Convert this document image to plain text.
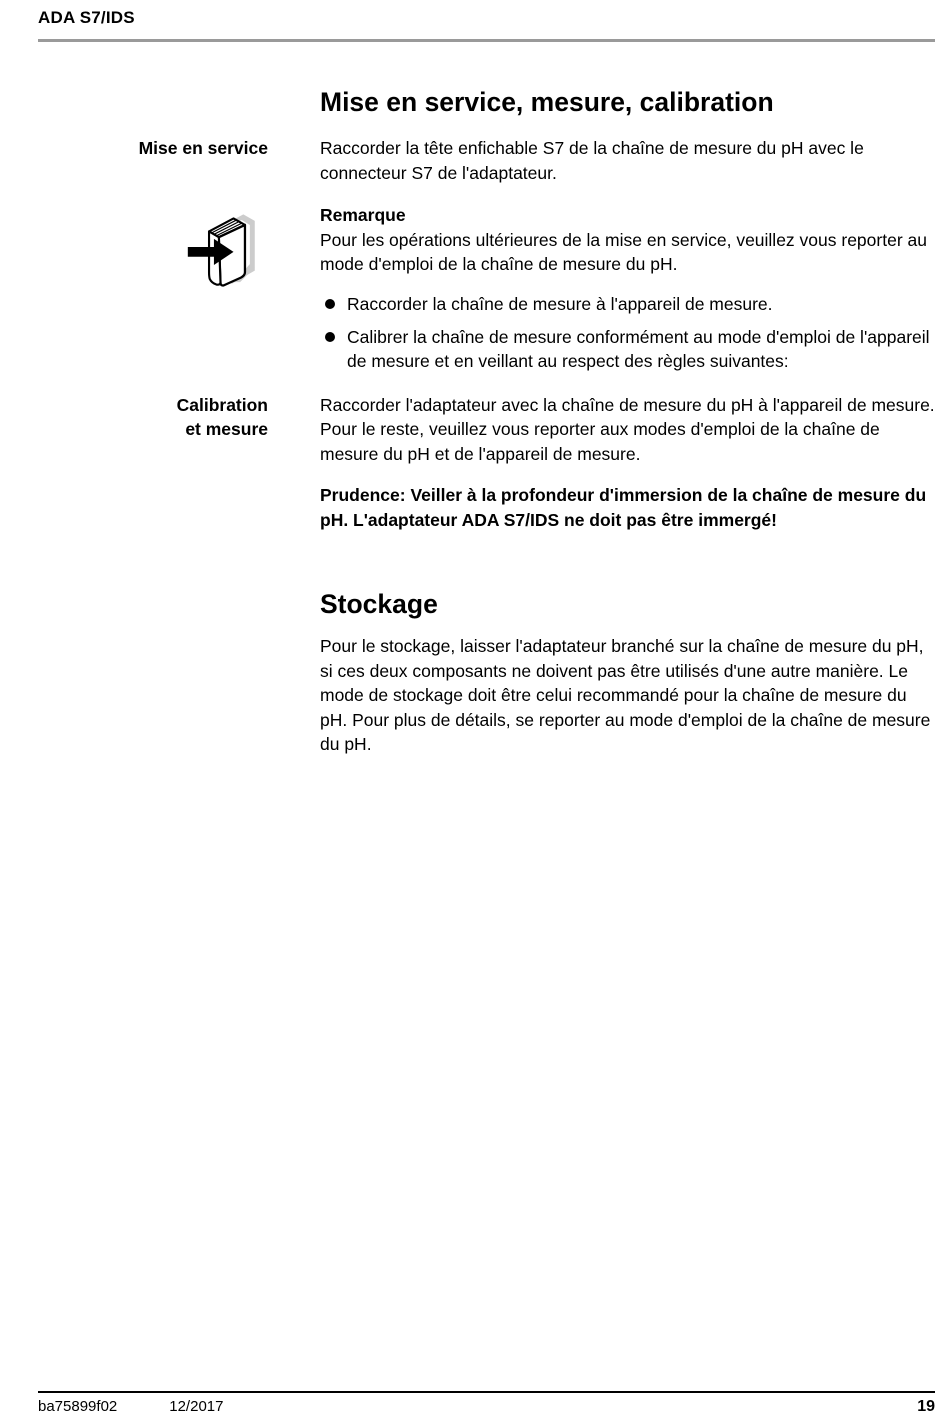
ADA S7/IDS
Mise en service, mesure, calibration
Mise en service	Raccorder la tête enfichable S7 de la chaîne de mesure du pH avec le connecteur S7 de l'adaptateur.

Remarque

Pour les opérations ultérieures de la mise en service, veuillez vous reporter au mode d'emploi de la chaîne de mesure du pH.

Raccorder la chaîne de mesure à l'appareil de mesure.
Calibrer la chaîne de mesure conformément au mode d'emploi de l'appareil de mesure et en veillant au respect des règles suivantes:
Calibration
et mesure

Raccorder l'adaptateur avec la chaîne de mesure du pH à l'appareil de mesure. Pour le reste, veuillez vous reporter aux modes d'emploi de la chaîne de mesure du pH et de l'appareil de mesure.

Prudence: Veiller à la profondeur d'immersion de la chaîne de mesure du pH. L'adaptateur ADA S7/IDS ne doit pas être immergé!

Stockage

Pour le stockage, laisser l'adaptateur branché sur la chaîne de mesure du pH, si ces deux composants ne doivent pas être utilisés d'une autre manière. Le mode de stockage doit être celui recommandé pour la chaîne de mesure du pH. Pour plus de détails, se reporter au mode d'emploi de la chaîne de mesure du pH.

ba75899f02	12/2017	19
